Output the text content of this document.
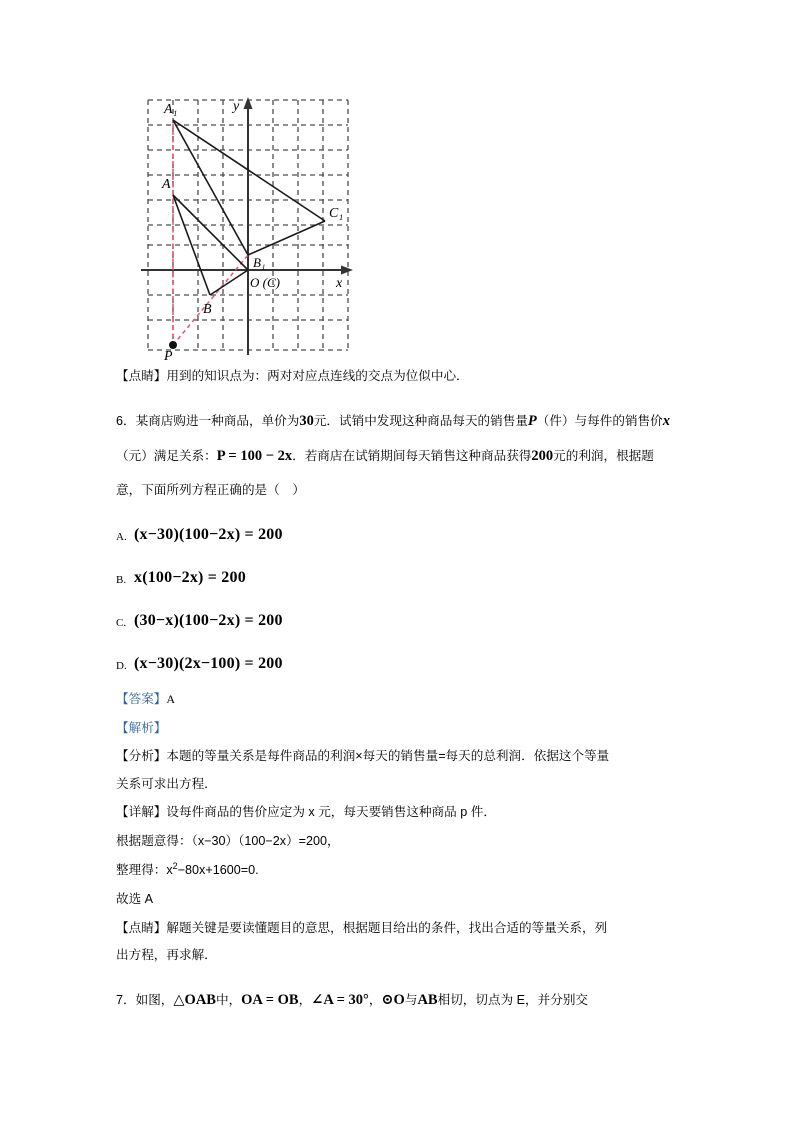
A₁
A
B
B₁
C₁
O (C)
P
x
y

【点睛】用到的知识点为：两对对应点连线的交点为位似中心．

6．某商店购进一种商品，单价为30元．试销中发现这种商品每天的销售量P（件）与每件的销售价x（元）满足关系：P = 100 − 2x．若商店在试销期间每天销售这种商品获得200元的利润，根据题意，下面所列方程正确的是（　）

A. (x−30)(100−2x) = 200
B. x(100−2x) = 200
C. (30−x)(100−2x) = 200
D. (x−30)(2x−100) = 200

【答案】A

【解析】

【分析】本题的等量关系是每件商品的利润×每天的销售量=每天的总利润．依据这个等量

关系可求出方程．

【详解】设每件商品的售价应定为 x 元，每天要销售这种商品 p 件．

根据题意得：（x−30）（100−2x）=200，

整理得：$x^2-80x+1600=0$.

故选 A

【点睛】解题关键是要读懂题目的意思，根据题目给出的条件，找出合适的等量关系，列

出方程，再求解．

7．如图，△OAB中，OA = OB，∠A = 30°，⊙O与AB相切，切点为 E，并分别交
